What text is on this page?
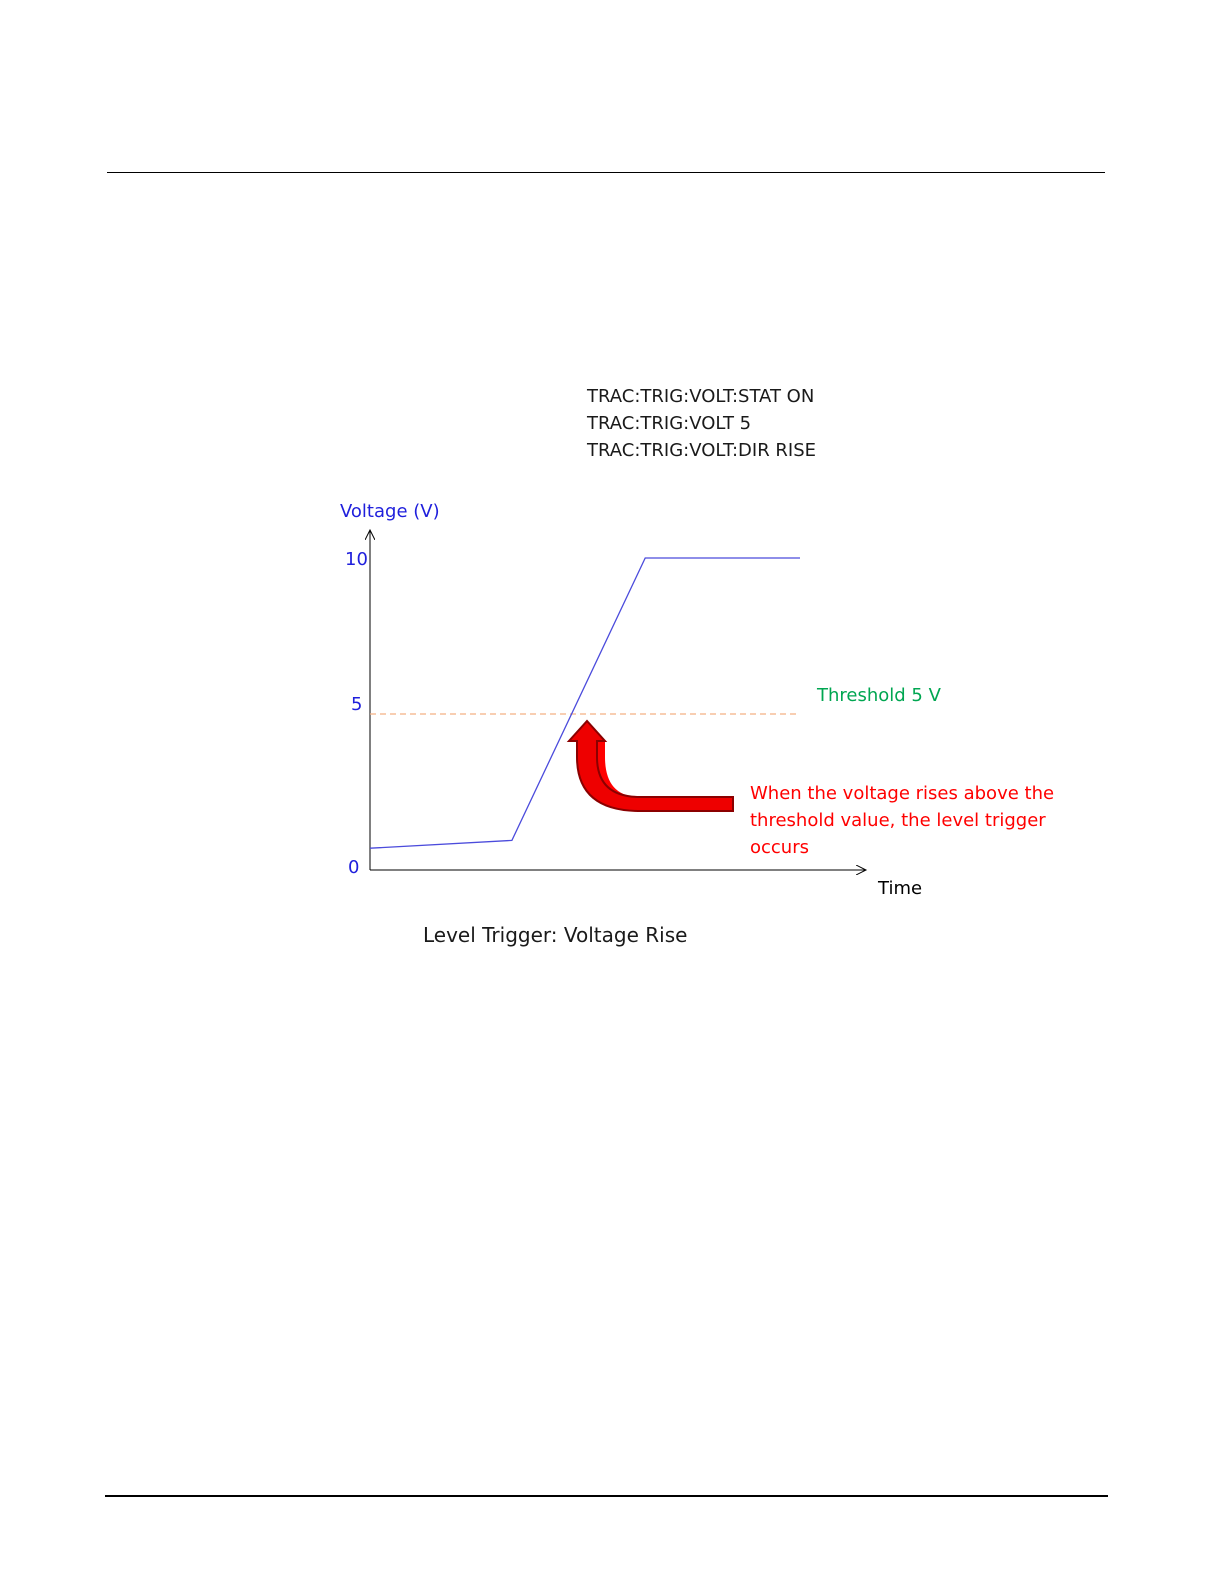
TRAC:TRIG:VOLT:STAT ON
TRAC:TRIG:VOLT 5
TRAC:TRIG:VOLT:DIR RISE
Voltage (V)
Time
10
5
0
Threshold 5 V
When the voltage rises above the
threshold value, the level trigger
occurs
Level Trigger: Voltage Rise
